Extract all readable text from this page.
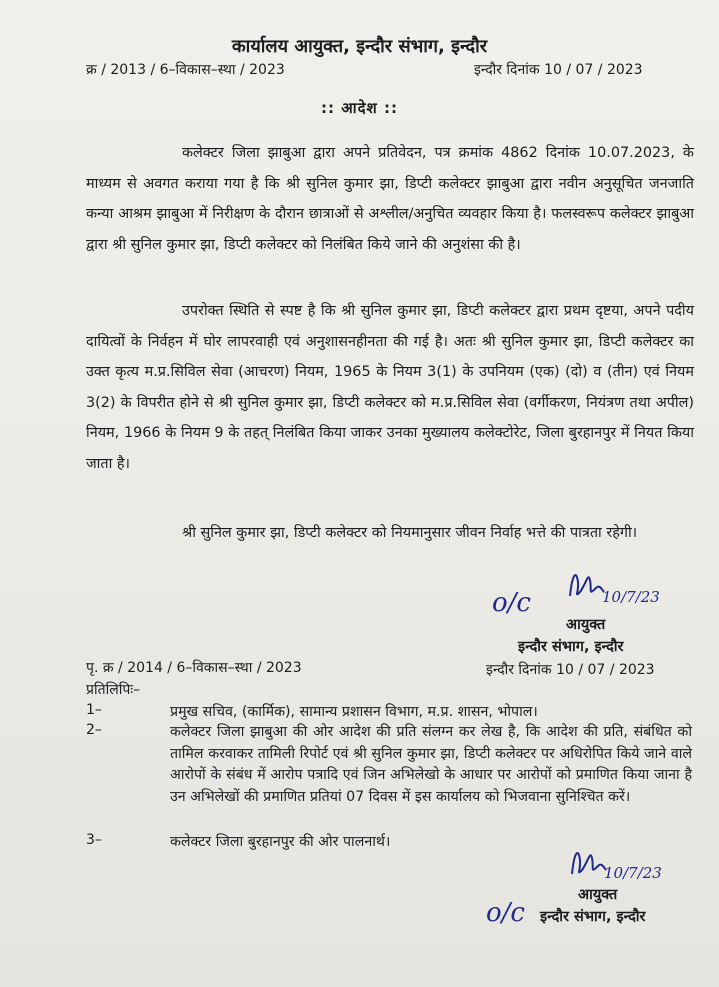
कार्यालय आयुक्त, इन्दौर संभाग, इन्दौर
क्र / 2013 / 6–विकास–स्था / 2023	इन्दौर दिनांक 10 / 07 / 2023
:: आदेश ::

कलेक्टर जिला झाबुआ द्वारा अपने प्रतिवेदन, पत्र क्रमांक 4862 दिनांक 10.07.2023, के माध्यम से अवगत कराया गया है कि श्री सुनिल कुमार झा, डिप्टी कलेक्टर झाबुआ द्वारा नवीन अनुसूचित जनजाति कन्या आश्रम झाबुआ में निरीक्षण के दौरान छात्राओं से अश्लील/अनुचित व्यवहार किया है। फलस्वरूप कलेक्टर झाबुआ द्वारा श्री सुनिल कुमार झा, डिप्टी कलेक्टर को निलंबित किये जाने की अनुशंसा की है।

उपरोक्त स्थिति से स्पष्ट है कि श्री सुनिल कुमार झा, डिप्टी कलेक्टर द्वारा प्रथम दृष्टया, अपने पदीय दायित्वों के निर्वहन में घोर लापरवाही एवं अनुशासनहीनता की गई है। अतः श्री सुनिल कुमार झा, डिप्टी कलेक्टर का उक्त कृत्य म.प्र.सिविल सेवा (आचरण) नियम, 1965 के नियम 3(1) के उपनियम (एक) (दो) व (तीन) एवं नियम 3(2) के विपरीत होने से श्री सुनिल कुमार झा, डिप्टी कलेक्टर को म.प्र.सिविल सेवा (वर्गीकरण, नियंत्रण तथा अपील) नियम, 1966 के नियम 9 के तहत् निलंबित किया जाकर उनका मुख्यालय कलेक्टोरेट, जिला बुरहानपुर में नियत किया जाता है।

श्री सुनिल कुमार झा, डिप्टी कलेक्टर को नियमानुसार जीवन निर्वाह भत्ते की पात्रता रहेगी।

o/c	10/7/23
आयुक्त
इन्दौर संभाग, इन्दौर
पृ. क्र / 2014 / 6–विकास–स्था / 2023	इन्दौर दिनांक 10 / 07 / 2023
प्रतिलिपिः–
1–	प्रमुख सचिव, (कार्मिक), सामान्य प्रशासन विभाग, म.प्र. शासन, भोपाल।
2–	कलेक्टर जिला झाबुआ की ओर आदेश की प्रति संलग्न कर लेख है, कि आदेश की प्रति, संबंधित को तामिल करवाकर तामिली रिपोर्ट एवं श्री सुनिल कुमार झा, डिप्टी कलेक्टर पर अधिरोपित किये जाने वाले आरोपों के संबंध में आरोप पत्रादि एवं जिन अभिलेखो के आधार पर आरोपों को प्रमाणित किया जाना है उन अभिलेखों की प्रमाणित प्रतियां 07 दिवस में इस कार्यालय को भिजवाना सुनिश्चित करें।
3–	कलेक्टर जिला बुरहानपुर की ओर पालनार्थ।
10/7/23
o/c
आयुक्त
इन्दौर संभाग, इन्दौर
